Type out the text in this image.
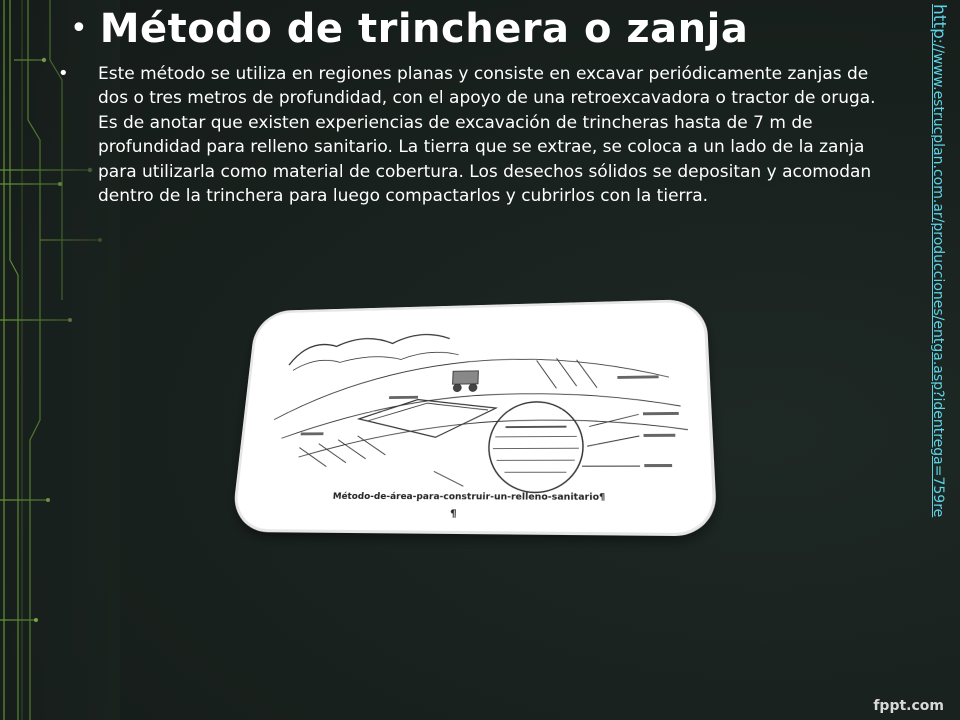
• Método de trinchera o zanja
•	Este método se utiliza en regiones planas y consiste en excavar periódicamente zanjas de dos o tres metros de profundidad, con el apoyo de una retroexcavadora o tractor de oruga. Es de anotar que existen experiencias de excavación de trincheras hasta de 7 m de profundidad para relleno sanitario. La tierra que se extrae, se coloca a un lado de la zanja para utilizarla como material de cobertura. Los desechos sólidos se depositan y acomodan dentro de la trinchera para luego compactarlos y cubrirlos con la tierra.

http://www.estrucplan.com.ar/producciones/entga.asp?identrega=759re
Método-de-área-para-construir-un-relleno-sanitario¶
¶
fppt.com
